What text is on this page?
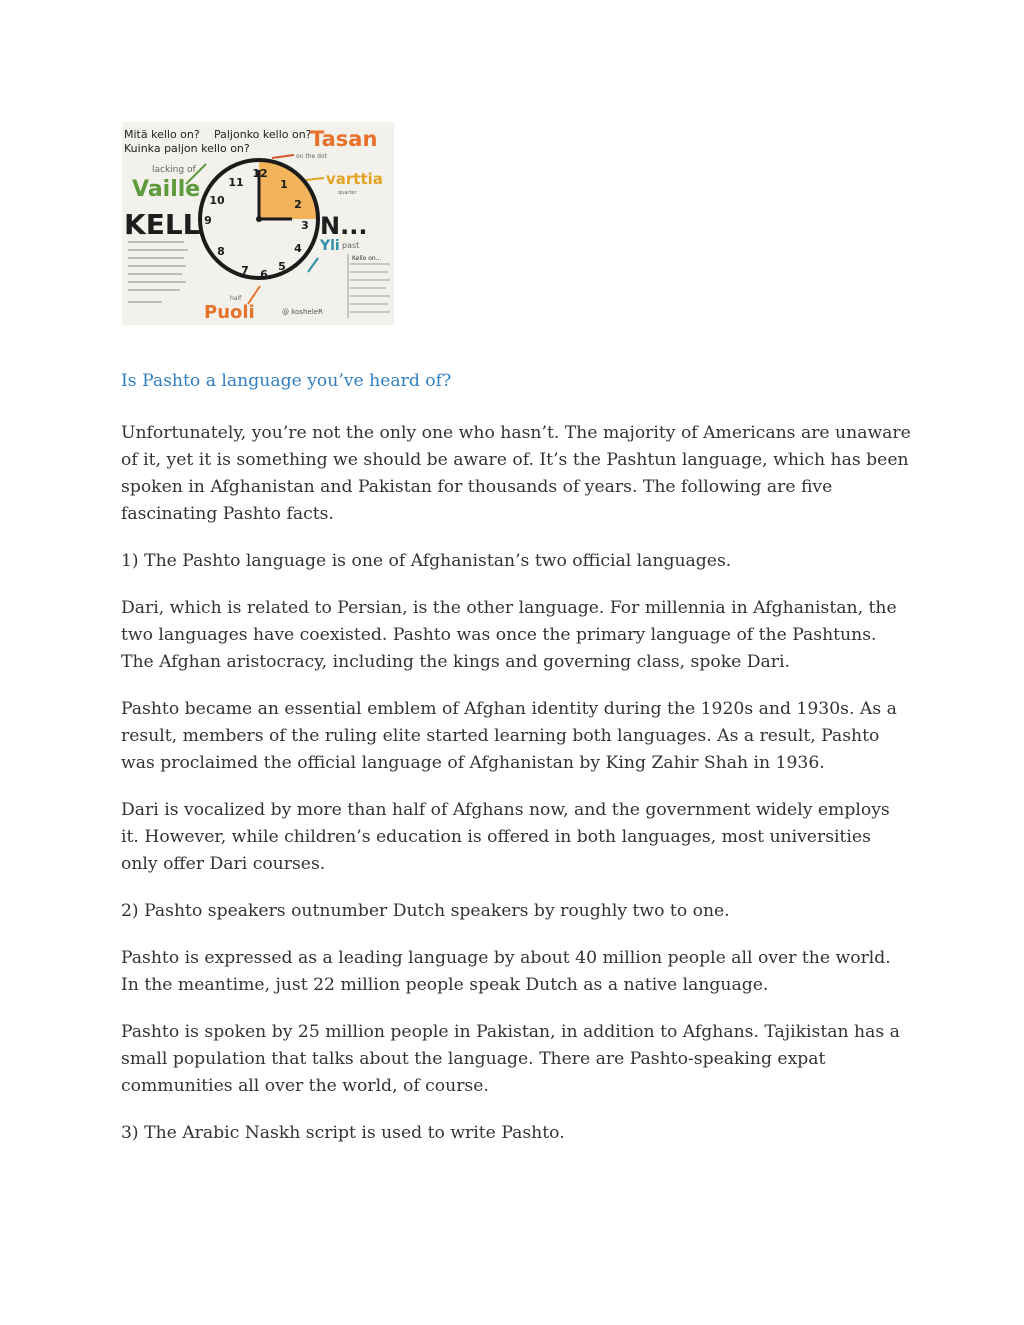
Mitä kello on? Paljonko kello on?
Kuinka paljon kello on?	Tasan
on the dot
lacking of
Vaille	varttia
quarter
12
1
2
3
4
5
6
7
8
9
10
11
KELL	N...
Yli past
Kello on...
half
Puoli	@ kosheleR
Is Pashto a language you’ve heard of?

Unfortunately, you’re not the only one who hasn’t. The majority of Americans are unaware of it, yet it is something we should be aware of. It’s the Pashtun language, which has been spoken in Afghanistan and Pakistan for thousands of years. The following are five fascinating Pashto facts.

1) The Pashto language is one of Afghanistan’s two official languages.

Dari, which is related to Persian, is the other language. For millennia in Afghanistan, the two languages have coexisted. Pashto was once the primary language of the Pashtuns. The Afghan aristocracy, including the kings and governing class, spoke Dari.

Pashto became an essential emblem of Afghan identity during the 1920s and 1930s. As a result, members of the ruling elite started learning both languages. As a result, Pashto was proclaimed the official language of Afghanistan by King Zahir Shah in 1936.

Dari is vocalized by more than half of Afghans now, and the government widely employs it. However, while children’s education is offered in both languages, most universities only offer Dari courses.

2) Pashto speakers outnumber Dutch speakers by roughly two to one.

Pashto is expressed as a leading language by about 40 million people all over the world. In the meantime, just 22 million people speak Dutch as a native language.

Pashto is spoken by 25 million people in Pakistan, in addition to Afghans. Tajikistan has a small population that talks about the language. There are Pashto-speaking expat communities all over the world, of course.

3) The Arabic Naskh script is used to write Pashto.
